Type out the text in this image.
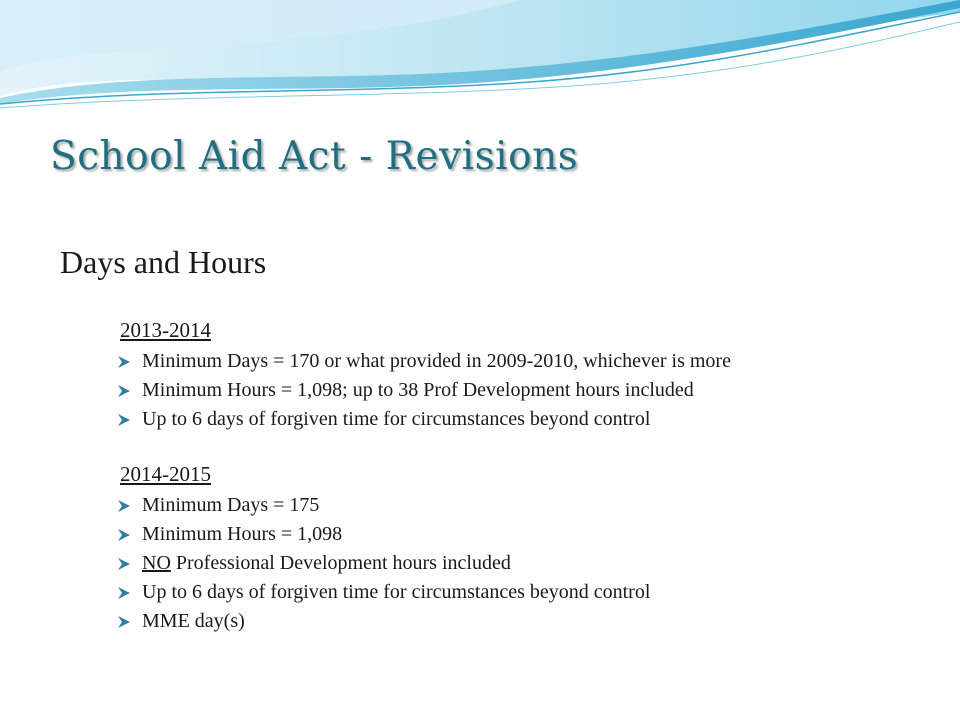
School Aid Act - Revisions
Days and Hours
2013-2014
Minimum Days = 170 or what provided in 2009-2010, whichever is more
Minimum Hours = 1,098; up to 38 Prof Development hours included
Up to 6 days of forgiven time for circumstances beyond control
2014-2015
Minimum Days = 175
Minimum Hours = 1,098
NO Professional Development hours included
Up to 6 days of forgiven time for circumstances beyond control
MME day(s)
